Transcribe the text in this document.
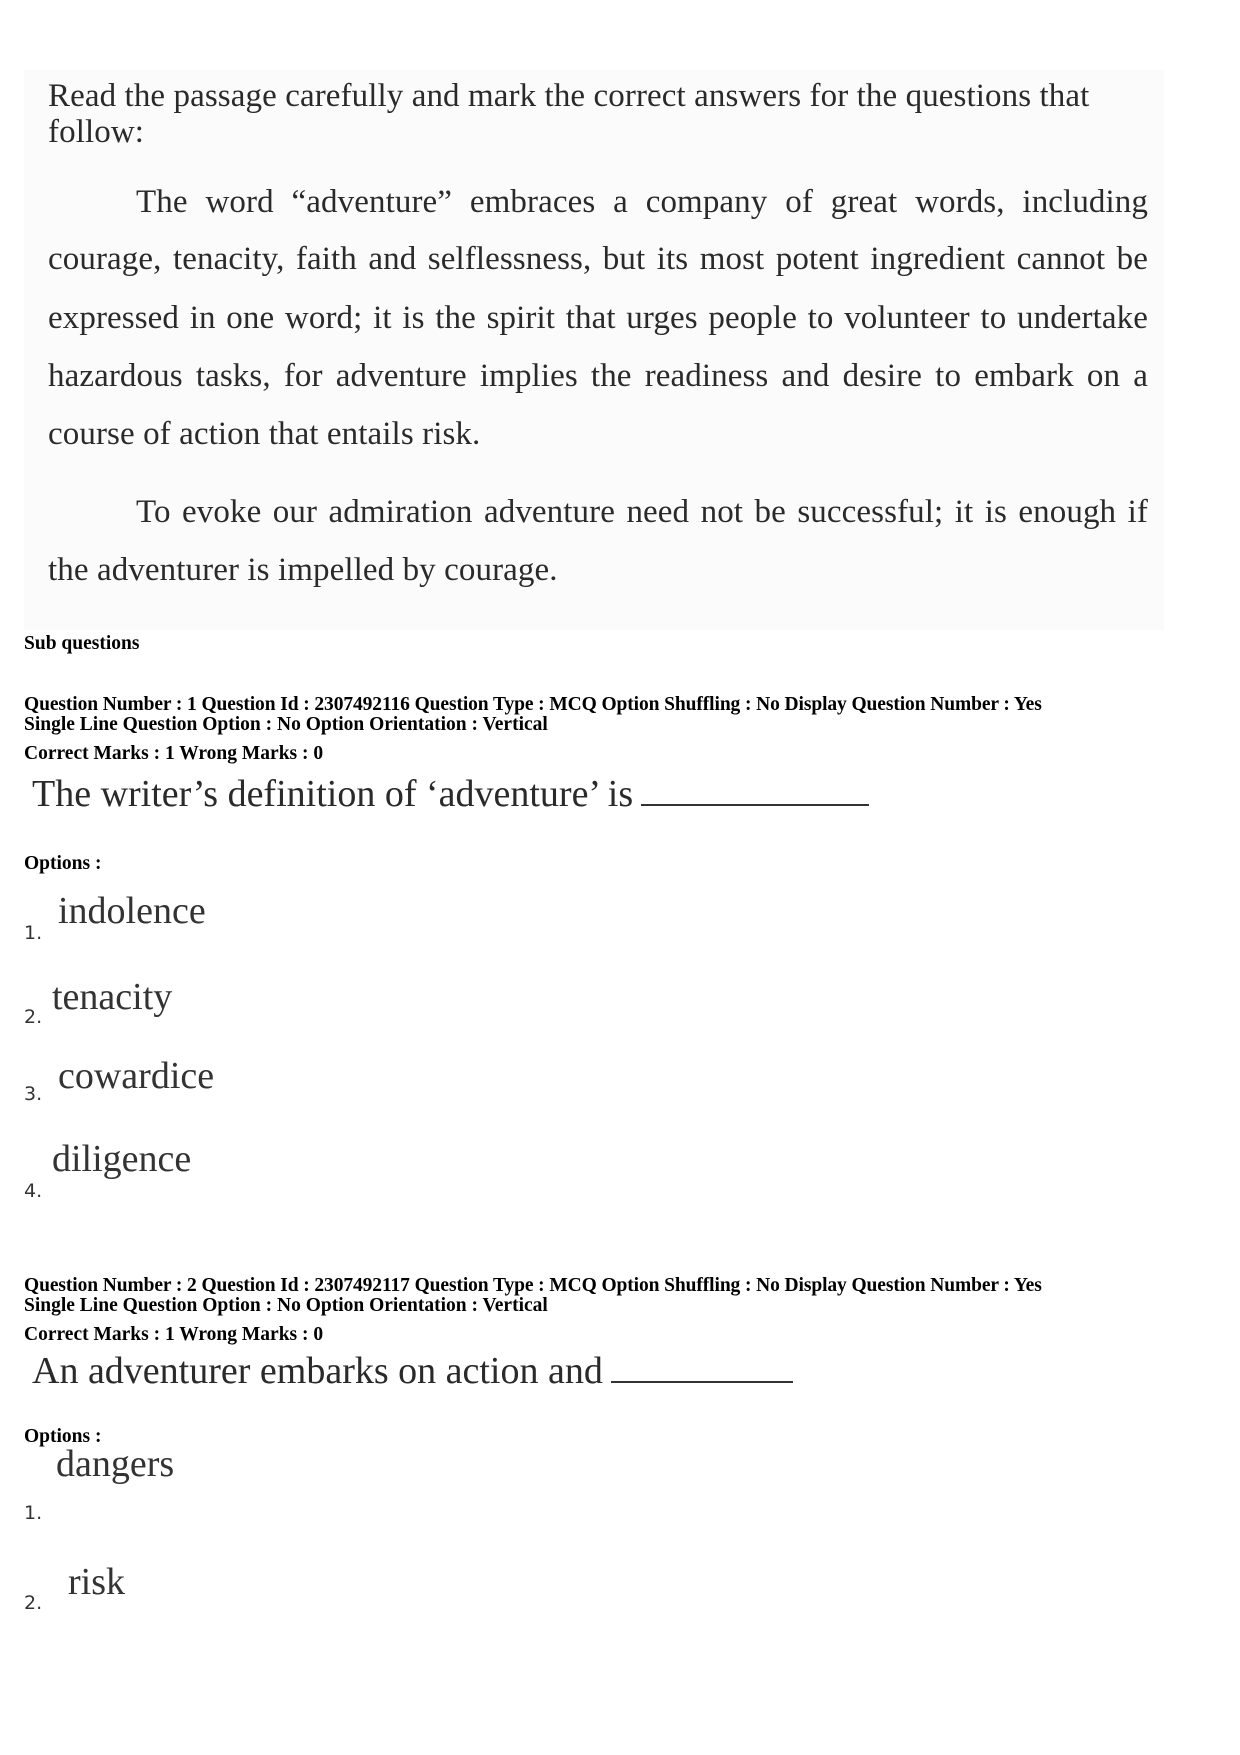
Read the passage carefully and mark the correct answers for the questions that
follow:
The word “adventure” embraces a company of great words, including
courage, tenacity, faith and selflessness, but its most potent ingredient cannot be
expressed in one word; it is the spirit that urges people to volunteer to undertake
hazardous tasks, for adventure implies the readiness and desire to embark on a
course of action that entails risk.
To evoke our admiration adventure need not be successful; it is enough if
the adventurer is impelled by courage.
Sub questions
Question Number : 1 Question Id : 2307492116 Question Type : MCQ Option Shuffling : No Display Question Number : Yes
Single Line Question Option : No Option Orientation : Vertical
Correct Marks : 1 Wrong Marks : 0
The writer’s definition of ‘adventure’ is
Options :
1.
indolence
2. tenacity
3. cowardice
4.
diligence
Question Number : 2 Question Id : 2307492117 Question Type : MCQ Option Shuffling : No Display Question Number : Yes
Single Line Question Option : No Option Orientation : Vertical
Correct Marks : 1 Wrong Marks : 0
An adventurer embarks on action and
Options :
1.
dangers
2. risk
